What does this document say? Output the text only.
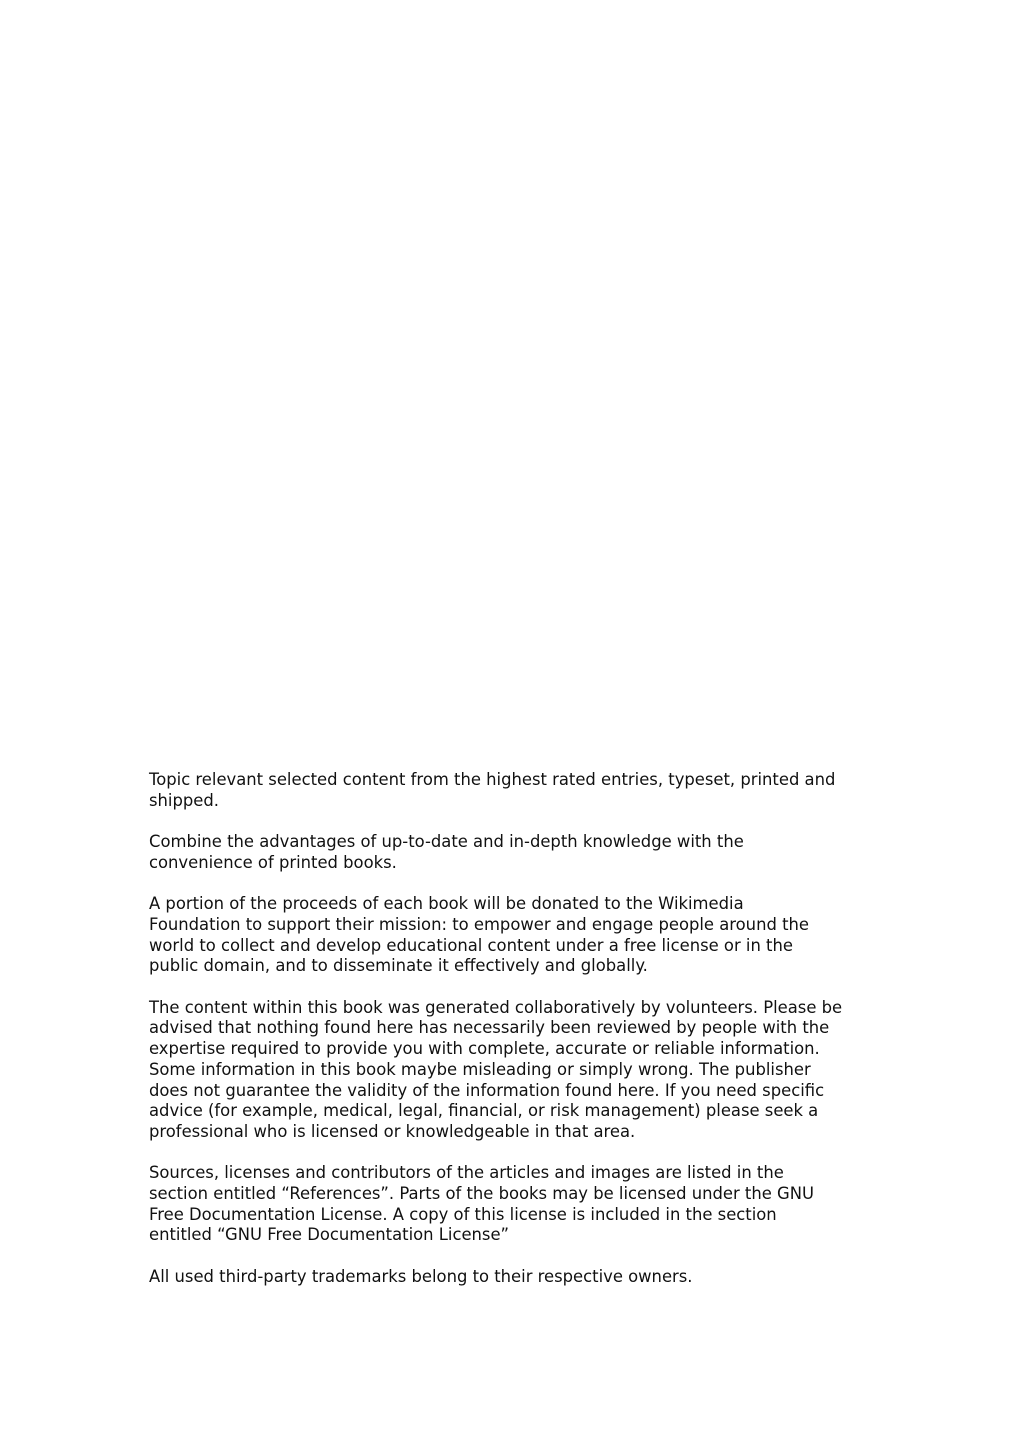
Topic relevant selected content from the highest rated entries, typeset, printed and
shipped.

Combine the advantages of up-to-date and in-depth knowledge with the
convenience of printed books.

A portion of the proceeds of each book will be donated to the Wikimedia
Foundation to support their mission: to empower and engage people around the
world to collect and develop educational content under a free license or in the
public domain, and to disseminate it effectively and globally.

The content within this book was generated collaboratively by volunteers. Please be
advised that nothing found here has necessarily been reviewed by people with the
expertise required to provide you with complete, accurate or reliable information.
Some information in this book maybe misleading or simply wrong. The publisher
does not guarantee the validity of the information found here. If you need specific
advice (for example, medical, legal, financial, or risk management) please seek a
professional who is licensed or knowledgeable in that area.

Sources, licenses and contributors of the articles and images are listed in the
section entitled “References”. Parts of the books may be licensed under the GNU
Free Documentation License. A copy of this license is included in the section
entitled “GNU Free Documentation License”

All used third-party trademarks belong to their respective owners.
